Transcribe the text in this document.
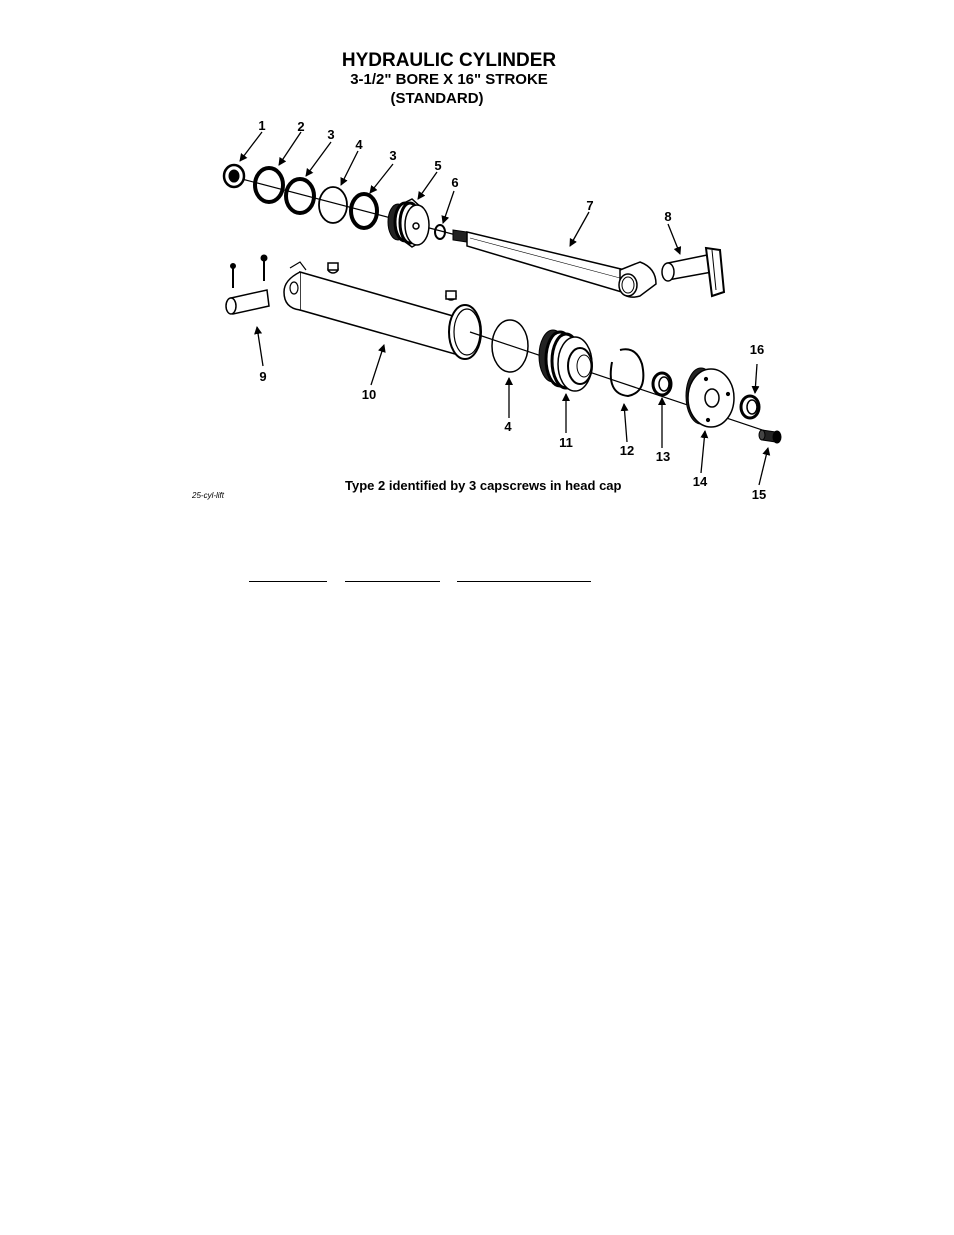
HYDRAULIC CYLINDER
3-1/2" BORE X 16" STROKE
(STANDARD)
1 2
3
4
3
5
6
7
8
9
10
4
11
12 13
14
15
16
Type 2 identified by 3 capscrews in head cap
25-cyl-lift
